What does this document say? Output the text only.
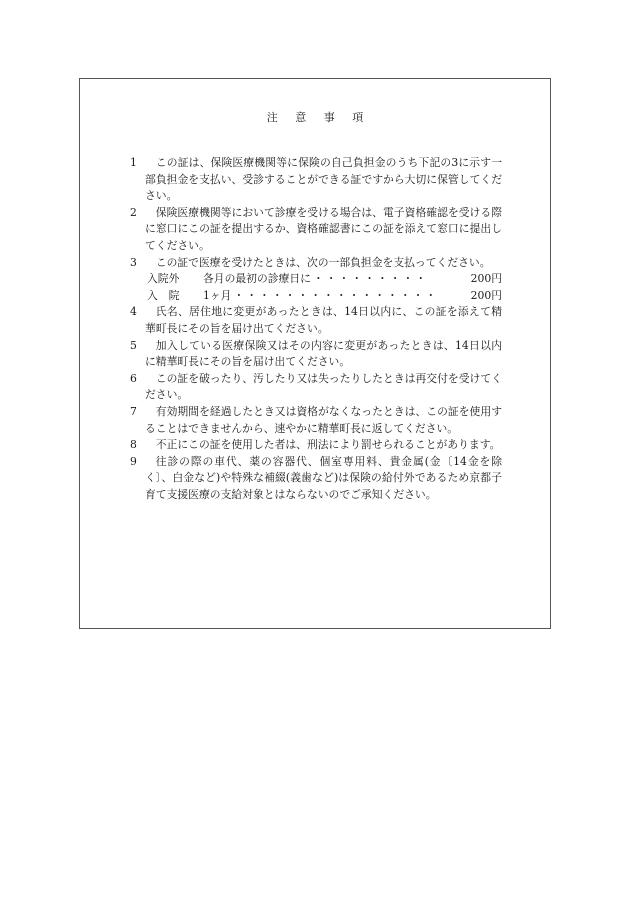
注 意 事 項
1	この証は、保険医療機関等に保険の自己負担金のうち下記の3に示す一部負担金を支払い、受診することができる証ですから大切に保管してください。
2	保険医療機関等において診療を受ける場合は、電子資格確認を受ける際に窓口にこの証を提出するか、資格確認書にこの証を添えて窓口に提出してください。
3	この証で医療を受けたときは、次の一部負担金を支払ってください。
入院外	各月の最初の診療日に ・・・・・・・・・	200円
入　院	1ヶ月 ・・・・・・・・・・・・・・・・	200円
4	氏名、居住地に変更があったときは、14日以内に、この証を添えて精華町長にその旨を届け出てください。
5	加入している医療保険又はその内容に変更があったときは、14日以内に精華町長にその旨を届け出てください。
6	この証を破ったり、汚したり又は失ったりしたときは再交付を受けてください。
7	有効期間を経過したとき又は資格がなくなったときは、この証を使用することはできませんから、速やかに精華町長に返してください。
8	不正にこの証を使用した者は、刑法により罰せられることがあります。
9	往診の際の車代、薬の容器代、個室専用料、貴金属(金〔14金を除く〕、白金など)や特殊な補綴(義歯など)は保険の給付外であるため京都子育て支援医療の支給対象とはならないのでご承知ください。
